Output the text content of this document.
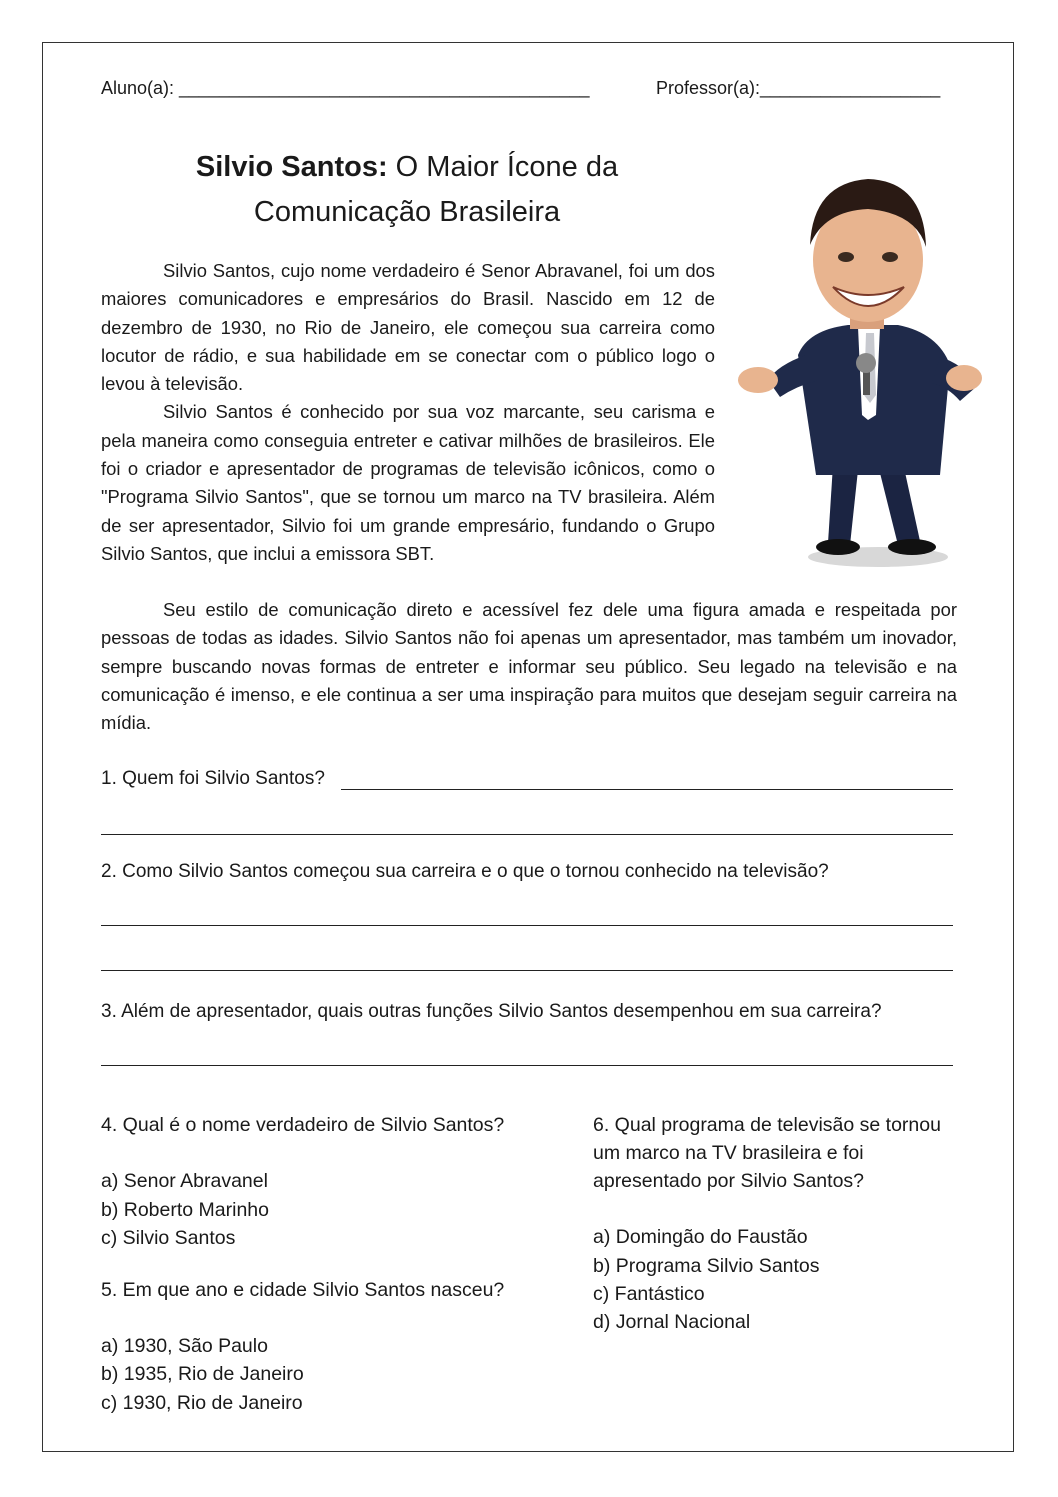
Aluno(a): _________________________________________	Professor(a):__________________
Silvio Santos: O Maior Ícone da
Comunicação Brasileira

Silvio Santos, cujo nome verdadeiro é Senor Abravanel, foi um dos maiores comunicadores e empresários do Brasil. Nascido em 12 de dezembro de 1930, no Rio de Janeiro, ele começou sua carreira como locutor de rádio, e sua habilidade em se conectar com o público logo o levou à televisão.

Silvio Santos é conhecido por sua voz marcante, seu carisma e pela maneira como conseguia entreter e cativar milhões de brasileiros. Ele foi o criador e apresentador de programas de televisão icônicos, como o "Programa Silvio Santos", que se tornou um marco na TV brasileira. Além de ser apresentador, Silvio foi um grande empresário, fundando o Grupo Silvio Santos, que inclui a emissora SBT.

Seu estilo de comunicação direto e acessível fez dele uma figura amada e respeitada por pessoas de todas as idades. Silvio Santos não foi apenas um apresentador, mas também um inovador, sempre buscando novas formas de entreter e informar seu público. Seu legado na televisão e na comunicação é imenso, e ele continua a ser uma inspiração para muitos que desejam seguir carreira na mídia.

1. Quem foi Silvio Santos?
2. Como Silvio Santos começou sua carreira e o que o tornou conhecido na televisão?
3. Além de apresentador, quais outras funções Silvio Santos desempenhou em sua carreira?
4. Qual é o nome verdadeiro de Silvio Santos?
a) Senor Abravanel
b) Roberto Marinho
c) Silvio Santos
5. Em que ano e cidade Silvio Santos nasceu?
a) 1930, São Paulo
b) 1935, Rio de Janeiro
c) 1930, Rio de Janeiro
6. Qual programa de televisão se tornou
um marco na TV brasileira e foi
apresentado por Silvio Santos?
a) Domingão do Faustão
b) Programa Silvio Santos
c) Fantástico
d) Jornal Nacional
